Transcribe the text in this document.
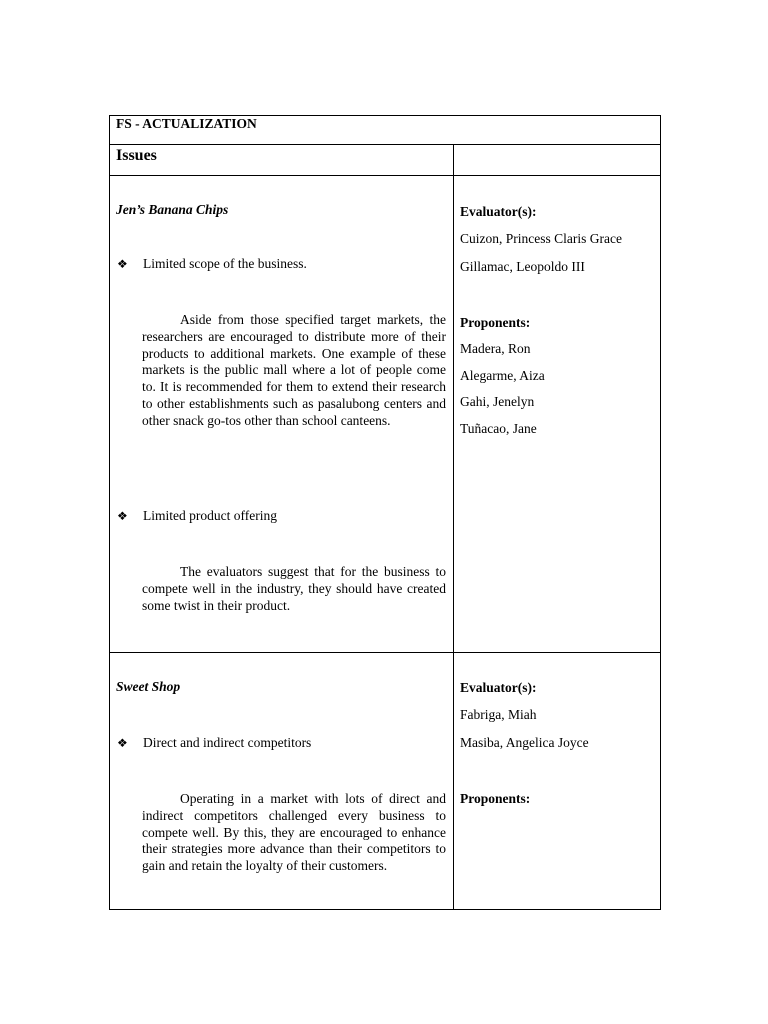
FS - ACTUALIZATION
Issues
Jen’s Banana Chips
❖ Limited scope of the business.
Aside from those specified target markets, the researchers are encouraged to distribute more of their products to additional markets. One example of these markets is the public mall where a lot of people come to. It is recommended for them to extend their research to other establishments such as pasalubong centers and other snack go-tos other than school canteens.
❖ Limited product offering
The evaluators suggest that for the business to compete well in the industry, they should have created some twist in their product.
Evaluator(s):
Cuizon, Princess Claris Grace
Gillamac, Leopoldo III
Proponents:
Madera, Ron
Alegarme, Aiza
Gahi, Jenelyn
Tuñacao, Jane
Sweet Shop
❖ Direct and indirect competitors
Operating in a market with lots of direct and indirect competitors challenged every business to compete well. By this, they are encouraged to enhance their strategies more advance than their competitors to gain and retain the loyalty of their customers.
Evaluator(s):
Fabriga, Miah
Masiba, Angelica Joyce
Proponents:
